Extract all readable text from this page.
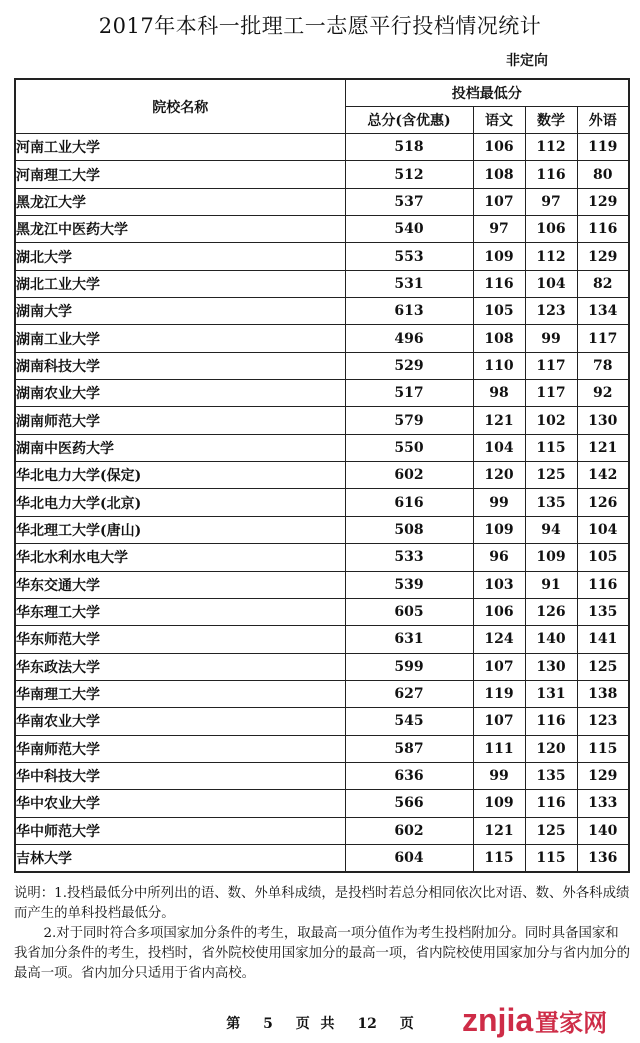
2017年本科一批理工一志愿平行投档情况统计
非定向
院校名称	投档最低分			
	总分(含优惠)	语文	数学	外语
河南工业大学	518	106	112	119
河南理工大学	512	108	116	80
黑龙江大学	537	107	97	129
黑龙江中医药大学	540	97	106	116
湖北大学	553	109	112	129
湖北工业大学	531	116	104	82
湖南大学	613	105	123	134
湖南工业大学	496	108	99	117
湖南科技大学	529	110	117	78
湖南农业大学	517	98	117	92
湖南师范大学	579	121	102	130
湖南中医药大学	550	104	115	121
华北电力大学(保定)	602	120	125	142
华北电力大学(北京)	616	99	135	126
华北理工大学(唐山)	508	109	94	104
华北水利水电大学	533	96	109	105
华东交通大学	539	103	91	116
华东理工大学	605	106	126	135
华东师范大学	631	124	140	141
华东政法大学	599	107	130	125
华南理工大学	627	119	131	138
华南农业大学	545	107	116	123
华南师范大学	587	111	120	115
华中科技大学	636	99	135	129
华中农业大学	566	109	116	133
华中师范大学	602	121	125	140
吉林大学	604	115	115	136

说明：1.投档最低分中所列出的语、数、外单科成绩，是投档时若总分相同依次比对语、数、外各科成绩而产生的单科投档最低分。

2.对于同时符合多项国家加分条件的考生，取最高一项分值作为考生投档附加分。同时具备国家和我省加分条件的考生，投档时，省外院校使用国家加分的最高一项，省内院校使用国家加分与省内加分的最高一项。省内加分只适用于省内高校。

第 5 页 共 12 页	znjia 置家网
